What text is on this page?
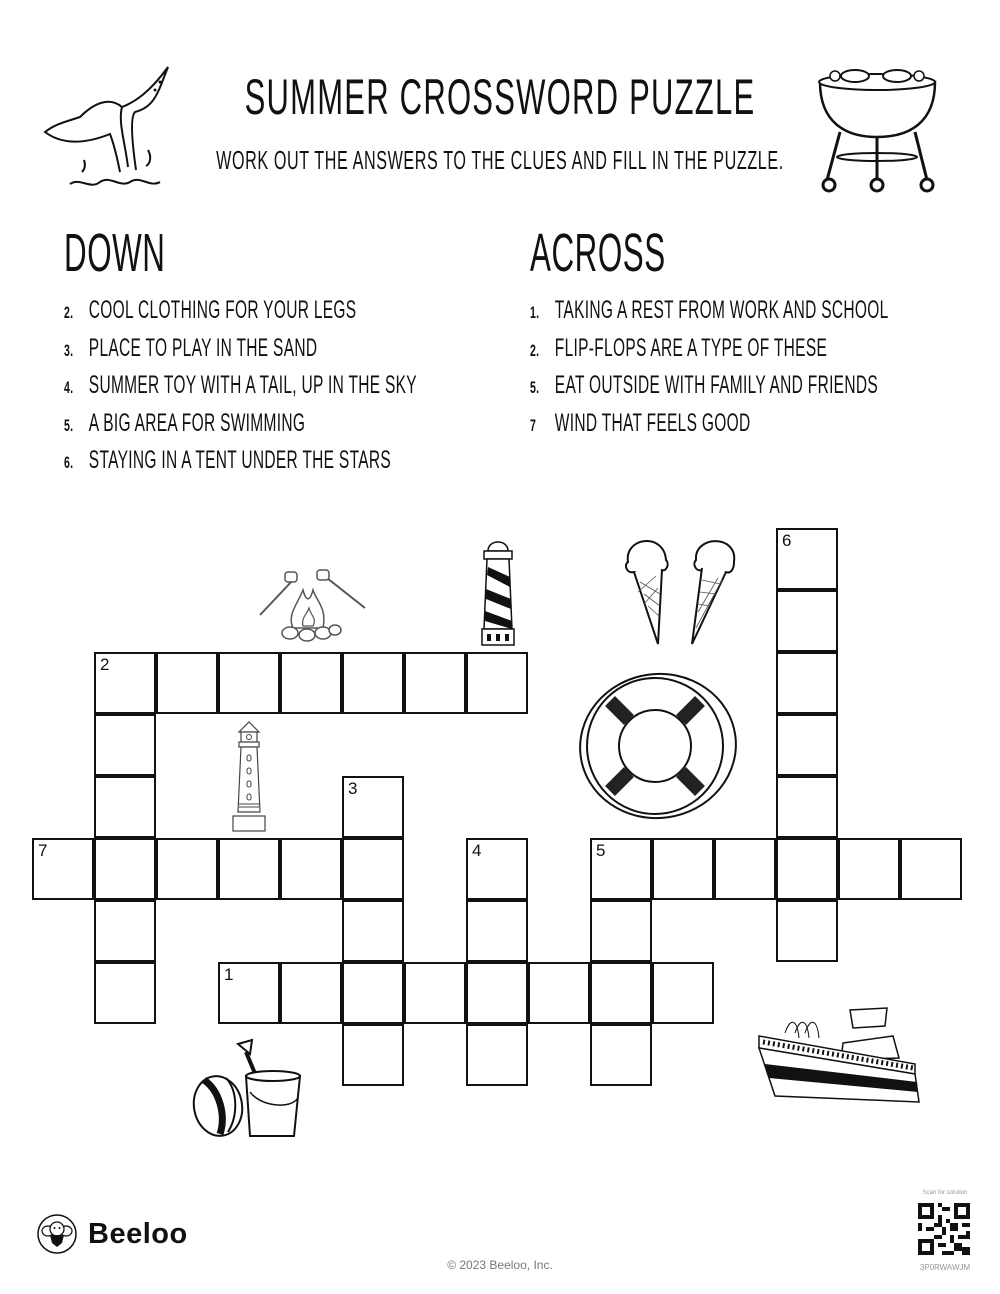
SUMMER CROSSWORD PUZZLE
WORK OUT THE ANSWERS TO THE CLUES AND FILL IN THE PUZZLE.
DOWN
2. COOL CLOTHING FOR YOUR LEGS
3. PLACE TO PLAY IN THE SAND
4. SUMMER TOY WITH A TAIL, UP IN THE SKY
5. A BIG AREA FOR SWIMMING
6. STAYING IN A TENT UNDER THE STARS
ACROSS
1. TAKING A REST FROM WORK AND SCHOOL
2. FLIP-FLOPS ARE A TYPE OF THESE
5. EAT OUTSIDE WITH FAMILY AND FRIENDS
7 WIND THAT FEELS GOOD
6
2
3
7	4	5
1
Beeloo
© 2023 Beeloo, Inc.
Scan for solution
3P0RWAWJM
